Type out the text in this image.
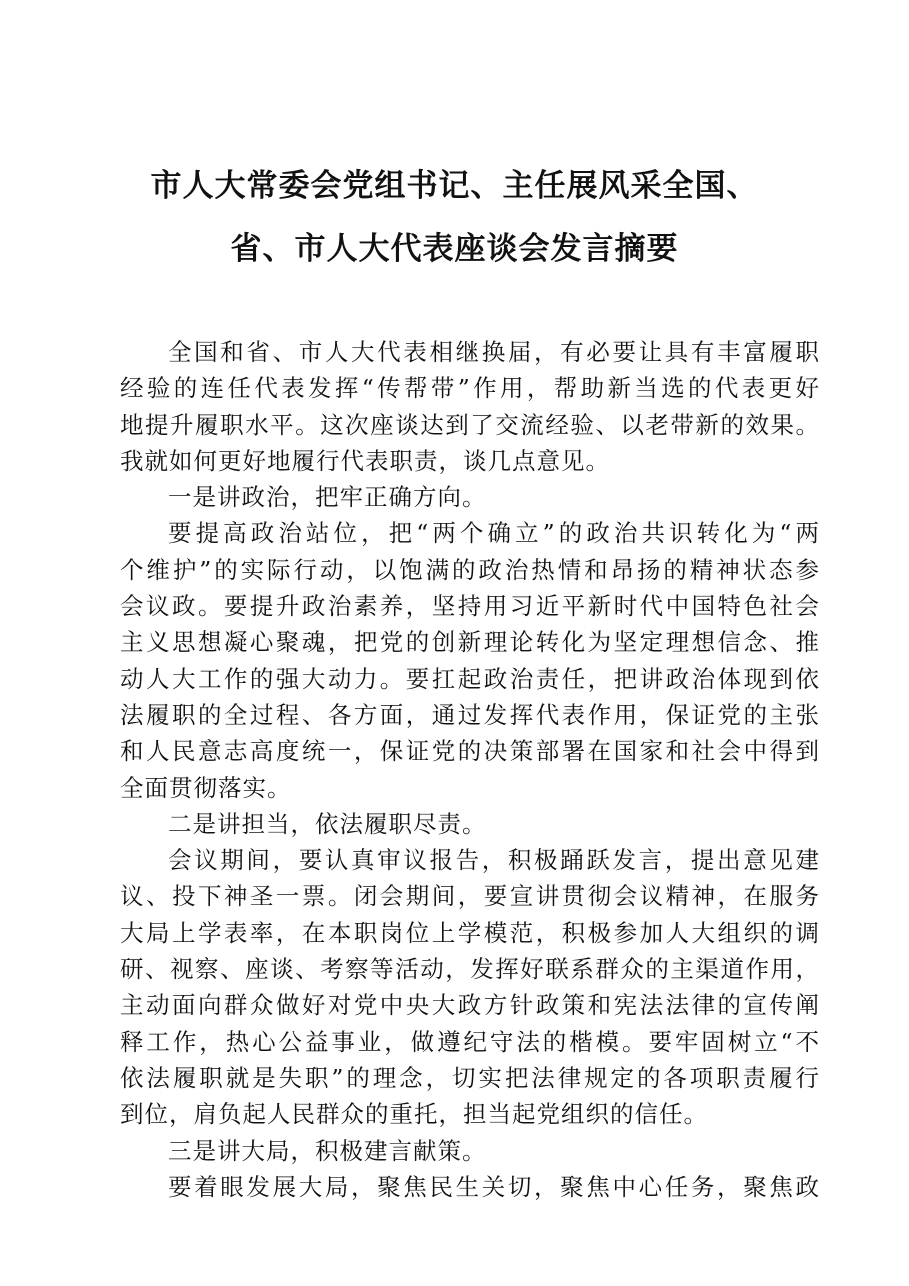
市人大常委会党组书记、主任展风采全国、
省、市人大代表座谈会发言摘要
全国和省、市人大代表相继换届，有必要让具有丰富履职
经验的连任代表发挥“传帮带”作用，帮助新当选的代表更好
地提升履职水平。这次座谈达到了交流经验、以老带新的效果。
我就如何更好地履行代表职责，谈几点意见。
一是讲政治，把牢正确方向。
要提高政治站位，把“两个确立”的政治共识转化为“两
个维护”的实际行动，以饱满的政治热情和昂扬的精神状态参
会议政。要提升政治素养，坚持用习近平新时代中国特色社会
主义思想凝心聚魂，把党的创新理论转化为坚定理想信念、推
动人大工作的强大动力。要扛起政治责任，把讲政治体现到依
法履职的全过程、各方面，通过发挥代表作用，保证党的主张
和人民意志高度统一，保证党的决策部署在国家和社会中得到
全面贯彻落实。
二是讲担当，依法履职尽责。
会议期间，要认真审议报告，积极踊跃发言，提出意见建
议、投下神圣一票。闭会期间，要宣讲贯彻会议精神，在服务
大局上学表率，在本职岗位上学模范，积极参加人大组织的调
研、视察、座谈、考察等活动，发挥好联系群众的主渠道作用，
主动面向群众做好对党中央大政方针政策和宪法法律的宣传阐
释工作，热心公益事业，做遵纪守法的楷模。要牢固树立“不
依法履职就是失职”的理念，切实把法律规定的各项职责履行
到位，肩负起人民群众的重托，担当起党组织的信任。
三是讲大局，积极建言献策。
要着眼发展大局，聚焦民生关切，聚焦中心任务，聚焦政
